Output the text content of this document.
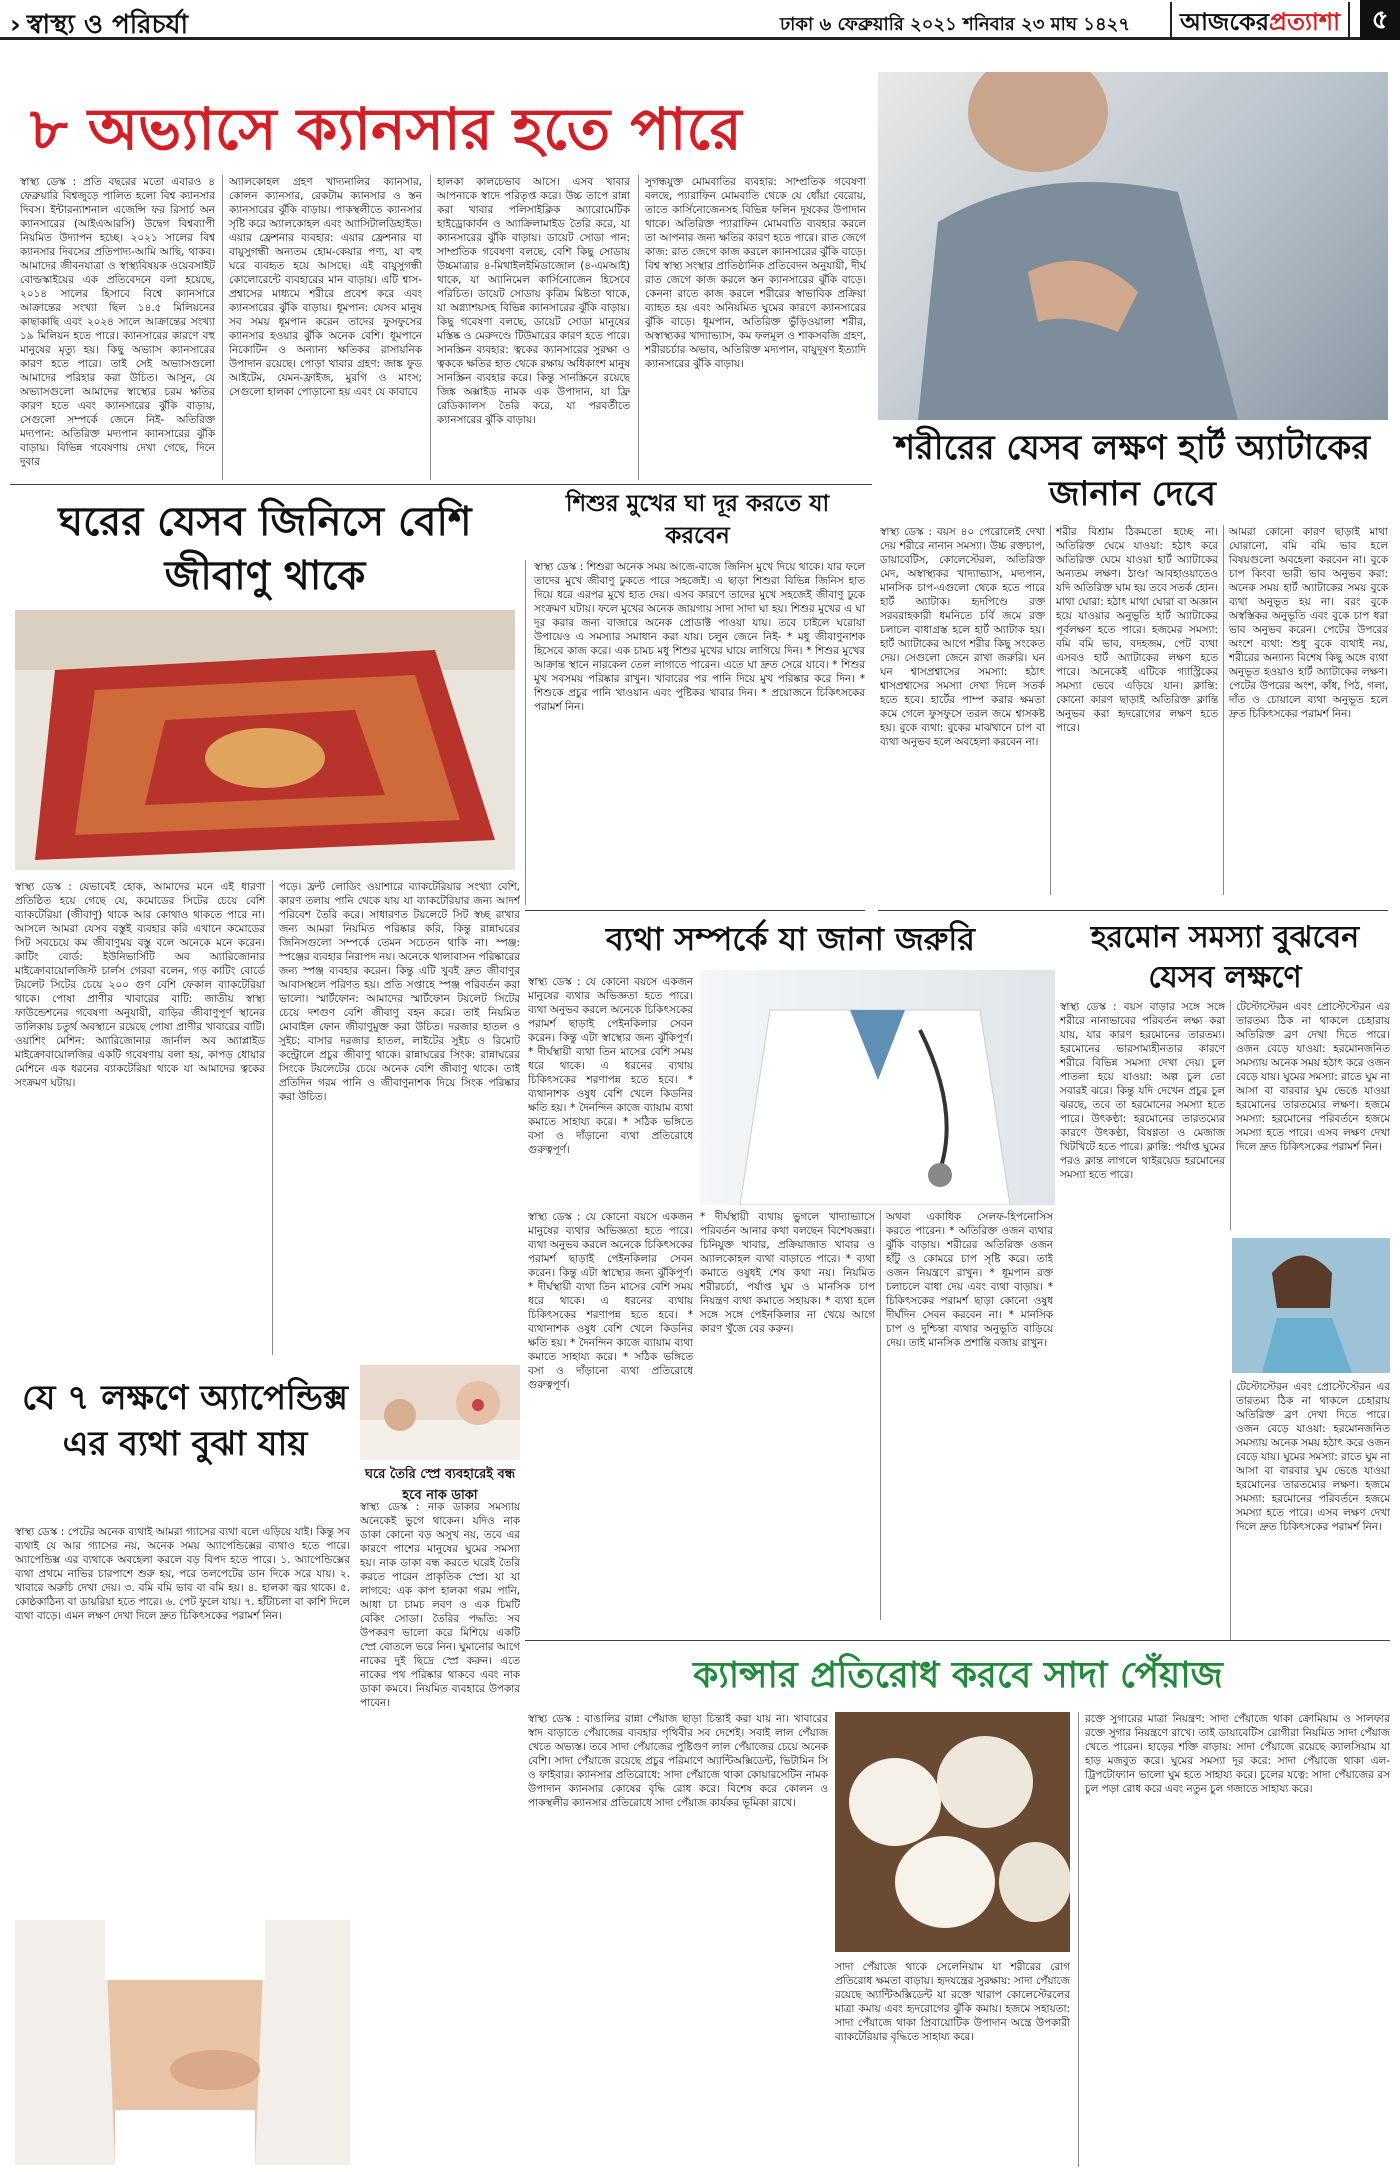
› স্বাস্থ্য ও পরিচর্যা	ঢাকা ৬ ফেব্রুয়ারি ২০২১ শনিবার ২৩ মাঘ ১৪২৭	আজকেরপ্রত্যাশা	৫
৮ অভ্যাসে ক্যানসার হতে পারে
স্বাস্থ্য ডেস্ক : প্রতি বছরের মতো এবারও ৪ ফেব্রুয়ারি বিশ্বজুড়ে পালিত হলো বিশ্ব ক্যানসার দিবস। ইন্টারন্যাশনাল এজেন্সি ফর রিসার্চ অন ক্যানসারের (আইএআরসি) উদ্বেগ বিশ্বব্যাপী নিয়মিত উদ্যাপন হচ্ছে। ২০২১ সালের বিশ্ব ক্যানসার দিবসের প্রতিপাদ্য-আমি আছি, থাকব। আমাদের জীবনযাত্রা ও স্বাস্থ্যবিষয়ক ওয়েবসাইট বোল্ডস্কাইয়ের এক প্রতিবেদনে বলা হয়েছে, ২০১৪ সালের হিসাবে বিশ্বে ক্যানসারে আক্রান্তের সংখ্যা ছিল ১৪.৫ মিলিয়নের কাছাকাছি এবং ২০২৪ সালে আক্রান্তের সংখ্যা ১৯ মিলিয়ন হতে পারে। ক্যানসারের কারণে বহু মানুষের মৃত্যু হয়। কিছু অভ্যাস ক্যানসারের কারণ হতে পারে। তাই সেই অভ্যাসগুলো আমাদের পরিহার করা উচিত। আসুন, যে অভ্যাসগুলো আমাদের স্বাস্থ্যের চরম ক্ষতির কারণ হতে এবং ক্যানসারের ঝুঁকি বাড়ায়, সেগুলো সম্পর্কে জেনে নিই- অতিরিক্ত মদ্যপান: অতিরিক্ত মদ্যপান ক্যানসারের ঝুঁকি বাড়ায়। বিভিন্ন গবেষণায় দেখা গেছে, দিনে দুবার
অ্যালকোহল গ্রহণ খাদ্যনালির ক্যানসার, কোলন ক্যানসার, রেকটাম ক্যানসার ও স্তন ক্যানসারের ঝুঁকি বাড়ায়। পাকস্থলীতে ক্যানসার সৃষ্টি করে অ্যালকোহল এবং অ্যাসিটালডিহাইড। এয়ার ফ্রেশনার ব্যবহার: এয়ার ফ্রেশনার বা বায়ুসুগন্ধী অন্যতম হোম-কেয়ার পণ্য, যা বহু ঘরে ব্যবহৃত হয়ে আসছে। এই বায়ুসুগন্ধী কোলোরেন্টে ব্যবহারের মান বাড়ায়। এটি শ্বাস-প্রশ্বাসের মাধ্যমে শরীরে প্রবেশ করে এবং ক্যানসারের ঝুঁকি বাড়ায়। ধূমপান: যেসব মানুষ সব সময় ধূমপান করেন তাদের ফুসফুসের ক্যানসার হওয়ার ঝুঁকি অনেক বেশি। ধূমপানে নিকোটিন ও অন্যান্য ক্ষতিকর রাসায়নিক উপাদান রয়েছে। পোড়া খাবার গ্রহণ: জাঙ্ক ফুড আইটেম, যেমন-ফ্রাইজ, মুরগি ও মাংস; সেগুলো হালকা পোড়ানো হয় এবং যে কাবাবে
হালকা কালচেভাব আসে। এসব খাবার আপনাকে স্বাদে পরিতৃপ্ত করে। উচ্চ তাপে রান্না করা খাবার পলিসাইক্লিক অ্যারোমেটিক হাইড্রোকার্বন ও অ্যাক্রিলামাইড তৈরি করে, যা ক্যানসারের ঝুঁকি বাড়ায়। ডায়েট সোডা পান: সাম্প্রতিক গবেষণা বলছে, বেশি কিছু সোডায় উচ্চমাত্রার ৪-মিথাইলইমিডাজোল (৪-এমআই) থাকে, যা অ্যানিমেল কার্সিনোজেন হিসেবে পরিচিত। ডায়েট সোডায় কৃত্রিম মিষ্টতা থাকে, যা অগ্ন্যাশয়সহ বিভিন্ন ক্যানসারের ঝুঁকি বাড়ায়। কিছু গবেষণা বলছে, ডায়েট সোডা মানুষের মস্তিষ্ক ও মেরুদণ্ডে টিউমারের কারণ হতে পারে। সানস্ক্রিন ব্যবহার: ত্বকের ক্যানসারের সুরক্ষা ও ত্বককে ক্ষতির হাত থেকে রক্ষায় অধিকাংশ মানুষ সানস্ক্রিন ব্যবহার করে। কিন্তু সানস্ক্রিনে রয়েছে জিঙ্ক অক্সাইড নামক এক উপাদান, যা ফ্রি রেডিক্যালস তৈরি করে, যা পরবর্তীতে ক্যানসারের ঝুঁকি বাড়ায়।
সুগন্ধযুক্ত মোমবাতির ব্যবহার: সাম্প্রতিক গবেষণা বলছে, প্যারাফিন মোমবাতি থেকে যে ধোঁয়া বেরোয়, তাতে কার্সিনোজেনসহ বিভিন্ন ফলিন দূষকের উপাদান থাকে। অতিরিক্ত প্যারাফিন মোমবাতি ব্যবহার করলে তা আপনার জন্য ক্ষতির কারণ হতে পারে। রাত জেগে কাজ: রাত জেগে কাজ করলে ক্যানসারের ঝুঁকি বাড়ে। বিশ্ব স্বাস্থ্য সংস্থার প্রাতিষ্ঠানিক প্রতিবেদন অনুযায়ী, দীর্ঘ রাত জেগে কাজ করলে স্তন ক্যানসারের ঝুঁকি বাড়ে। কেননা রাতে কাজ করলে শরীরের স্বাভাবিক প্রক্রিয়া ব্যাহত হয় এবং অনিয়মিত ঘুমের কারণে ক্যানসারের ঝুঁকি বাড়ে। ধূমপান, অতিরিক্ত ভুঁড়িওয়ালা শরীর, অস্বাস্থ্যকর খাদ্যাভ্যাস, কম ফলমূল ও শাকসবজি গ্রহণ, শরীরচর্চার অভাব, অতিরিক্ত মদ্যপান, বায়ুদূষণ ইত্যাদি ক্যানসারের ঝুঁকি বাড়ায়।
শরীরের যেসব লক্ষণ হার্ট অ্যাটাকের জানান দেবে
ঘরের যেসব জিনিসে বেশি জীবাণু থাকে
শিশুর মুখের ঘা দূর করতে যা করবেন
স্বাস্থ্য ডেস্ক : শিশুরা অনেক সময় আজে-বাজে জিনিস মুখে দিয়ে থাকে। যার ফলে তাদের মুখে জীবাণু ঢুকতে পারে সহজেই। এ ছাড়া শিশুরা বিভিন্ন জিনিস হাত দিয়ে ধরে এরপর মুখে হাত দেয়। এসব কারণে তাদের মুখে সহজেই জীবাণু ঢুকে সংক্রমণ ঘটায়। ফলে মুখের অনেক জায়গায় সাদা সাদা ঘা হয়। শিশুর মুখের এ ঘা দূর করার জন্য বাজারে অনেক প্রোডাক্ট পাওয়া যায়। তবে চাইলে ঘরোয়া উপায়েও এ সমস্যার সমাধান করা যায়। চলুন জেনে নিই- * মধু জীবাণুনাশক হিসেবে কাজ করে। এক চামচ মধু শিশুর মুখের ঘায়ে লাগিয়ে দিন। * শিশুর মুখের আক্রান্ত স্থানে নারকেল তেল লাগাতে পারেন। এতে ঘা দ্রুত সেরে যাবে। * শিশুর মুখ সবসময় পরিষ্কার রাখুন। খাবারের পর পানি দিয়ে মুখ পরিষ্কার করে দিন। * শিশুকে প্রচুর পানি খাওয়ান এবং পুষ্টিকর খাবার দিন। * প্রয়োজনে চিকিৎসকের পরামর্শ নিন।
স্বাস্থ্য ডেস্ক : বয়স ৪০ পেরোলেই দেখা দেয় শরীরে নানান সমস্যা। উচ্চ রক্তচাপ, ডায়াবেটিস, কোলেস্টেরল, অতিরিক্ত মেদ, অস্বাস্থ্যকর খাদ্যাভ্যাস, মদ্যপান, মানসিক চাপ-এগুলো থেকে হতে পারে হার্ট অ্যাটাক। হৃদপিণ্ডে রক্ত সরবরাহকারী ধমনিতে চর্বি জমে রক্ত চলাচল বাধাগ্রস্ত হলে হার্ট অ্যাটাক হয়। হার্ট অ্যাটাকের আগে শরীর কিছু সংকেত দেয়। সেগুলো জেনে রাখা জরুরি। ঘন ঘন শ্বাসপ্রশ্বাসের সমস্যা: হঠাৎ শ্বাসপ্রশ্বাসের সমস্যা দেখা দিলে সতর্ক হতে হবে। হার্টের পাম্প করার ক্ষমতা কমে গেলে ফুসফুসে তরল জমে শ্বাসকষ্ট হয়। বুকে ব্যথা: বুকের মাঝখানে চাপ বা ব্যথা অনুভব হলে অবহেলা করবেন না।
শরীর বিশ্রাম ঠিকমতো হচ্ছে না। অতিরিক্ত ঘেমে যাওয়া: হঠাৎ করে অতিরিক্ত ঘেমে যাওয়া হার্ট অ্যাটাকের অন্যতম লক্ষণ। ঠাণ্ডা আবহাওয়াতেও যদি অতিরিক্ত ঘাম হয় তবে সতর্ক হোন। মাথা ঘোরা: হঠাৎ মাথা ঘোরা বা অজ্ঞান হয়ে যাওয়ার অনুভূতি হার্ট অ্যাটাকের পূর্বলক্ষণ হতে পারে। হজমের সমস্যা: বমি বমি ভাব, বদহজম, পেট ব্যথা এসবও হার্ট অ্যাটাকের লক্ষণ হতে পারে। অনেকেই এটিকে গ্যাস্ট্রিকের সমস্যা ভেবে এড়িয়ে যান। ক্লান্তি: কোনো কারণ ছাড়াই অতিরিক্ত ক্লান্তি অনুভব করা হৃদরোগের লক্ষণ হতে পারে।
আমরা কোনো কারণ ছাড়াই মাথা ঘোরানো, বমি বমি ভাব হলে বিষয়গুলো অবহেলা করবেন না। বুকে চাপ কিংবা ভারী ভাব অনুভব করা: অনেক সময় হার্ট অ্যাটাকের সময় বুকে ব্যথা অনুভূত হয় না। বরং বুকে অস্বস্তিকর অনুভূতি এবং বুকে চাপ ধরা ভাব অনুভব করেন। পেটের উপরের অংশে ব্যথা: শুধু বুকে ব্যথাই নয়, শরীরের অন্যান্য বিশেষ কিছু অঙ্গে ব্যথা অনুভূত হওয়াও হার্ট অ্যাটাকের লক্ষণ। পেটের উপরের অংশ, কাঁধ, পিঠ, গলা, দাঁত ও চোয়ালে ব্যথা অনুভূত হলে দ্রুত চিকিৎসকের পরামর্শ নিন।
স্বাস্থ্য ডেস্ক : যেভাবেই হোক, আমাদের মনে এই ধারণা প্রতিষ্ঠিত হয়ে গেছে যে, কমোডের সিটের চেয়ে বেশি ব্যাকটেরিয়া (জীবাণু) থাকে আর কোথাও থাকতে পারে না। আসলে আমরা যেসব বস্তুই ব্যবহার করি এখানে কমোডের সিট সবচেয়ে কম জীবাণুময় বস্তু বলে অনেকে মনে করেন। কাটিং বোর্ড: ইউনিভার্সিটি অব অ্যারিজোনার মাইক্রোবায়োলজিস্ট চার্লস গেরবা বলেন, গড় কাটিং বোর্ডে টয়লেট সিটের চেয়ে ২০০ গুণ বেশি ফেকাল ব্যাকটেরিয়া থাকে। পোষা প্রাণীর খাবারের বাটি: জাতীয় স্বাস্থ্য ফাউন্ডেশনের গবেষণা অনুযায়ী, বাড়ির জীবাণুপূর্ণ স্থানের তালিকায় চতুর্থ অবস্থানে রয়েছে পোষা প্রাণীর খাবারের বাটি। ওয়াশিং মেশিন: অ্যারিজোনার জার্নাল অব অ্যাপ্লাইড মাইক্রোবায়োলজির একটি গবেষণায় বলা হয়, কাপড় ধোয়ার মেশিনে এক ধরনের ব্যাকটেরিয়া থাকে যা আমাদের ত্বকের সংক্রমণ ঘটায়।
পড়ে। ফ্রন্ট লোডিং ওয়াশারে ব্যাকটেরিয়ার সংখ্যা বেশি, কারণ তলায় পানি থেকে যায় যা ব্যাকটেরিয়ার জন্য আদর্শ পরিবেশ তৈরি করে। সাধারণত টয়লেটে সিট স্বচ্ছ রাখার জন্য আমরা নিয়মিত পরিষ্কার করি, কিন্তু রান্নাঘরের জিনিসগুলো সম্পর্কে তেমন সচেতন থাকি না। স্পঞ্জ: স্পঞ্জের ব্যবহার নিরাপদ নয়। অনেকে থালাবাসন পরিষ্কারের জন্য স্পঞ্জ ব্যবহার করেন। কিন্তু এটি খুবই দ্রুত জীবাণুর আবাসস্থলে পরিণত হয়। প্রতি সপ্তাহে স্পঞ্জ পরিবর্তন করা ভালো। স্মার্টফোন: আমাদের স্মার্টফোন টয়লেট সিটের চেয়ে দশগুণ বেশি জীবাণু বহন করে। তাই নিয়মিত মোবাইল ফোন জীবাণুমুক্ত করা উচিত। দরজার হাতল ও সুইচ: বাসার দরজার হাতল, লাইটের সুইচ ও রিমোট কন্ট্রোলে প্রচুর জীবাণু থাকে। রান্নাঘরের সিংক: রান্নাঘরের সিংকে টয়লেটের চেয়ে অনেক বেশি জীবাণু থাকে। তাই প্রতিদিন গরম পানি ও জীবাণুনাশক দিয়ে সিংক পরিষ্কার করা উচিত।
ব্যথা সম্পর্কে যা জানা জরুরি	হরমোন সমস্যা বুঝবেন যেসব লক্ষণে
স্বাস্থ্য ডেস্ক : যে কোনো বয়সে একজন মানুষের ব্যথার অভিজ্ঞতা হতে পারে। ব্যথা অনুভব করলে অনেকে চিকিৎসকের পরামর্শ ছাড়াই পেইনকিলার সেবন করেন। কিন্তু এটা স্বাস্থ্যের জন্য ঝুঁকিপূর্ণ। * দীর্ঘস্থায়ী ব্যথা তিন মাসের বেশি সময় ধরে থাকে। এ ধরনের ব্যথায় চিকিৎসকের শরণাপন্ন হতে হবে। * ব্যথানাশক ওষুধ বেশি খেলে কিডনির ক্ষতি হয়। * দৈনন্দিন কাজে ব্যায়াম ব্যথা কমাতে সাহায্য করে। * সঠিক ভঙ্গিতে বসা ও দাঁড়ানো ব্যথা প্রতিরোধে গুরুত্বপূর্ণ।
স্বাস্থ্য ডেস্ক : বয়স বাড়ার সঙ্গে সঙ্গে শরীরে নানাভাবের পরিবর্তন লক্ষ্য করা যায়, যার কারণ হরমোনের তারতম্য। হরমোনের ভারসাম্যহীনতার কারণে শরীরে বিভিন্ন সমস্যা দেখা দেয়। চুল পাতলা হয়ে যাওয়া: অল্প চুল তো সবারই ঝরে। কিন্তু যদি দেখেন প্রচুর চুল ঝরছে, তবে তা হরমোনের সমস্যা হতে পারে। উৎকণ্ঠা: হরমোনের তারতম্যের কারণে উৎকণ্ঠা, বিষণ্ণতা ও মেজাজ খিটখিটে হতে পারে। ক্লান্তি: পর্যাপ্ত ঘুমের পরও ক্লান্ত লাগলে থাইরয়েড হরমোনের সমস্যা হতে পারে।
টেস্টোস্টেরন এবং প্রোস্টেস্টেরন এর তারতম্য ঠিক না থাকলে চেহারায় অতিরিক্ত ব্রণ দেখা দিতে পারে। ওজন বেড়ে যাওয়া: হরমোনজনিত সমস্যায় অনেক সময় হঠাৎ করে ওজন বেড়ে যায়। ঘুমের সমস্যা: রাতে ঘুম না আসা বা বারবার ঘুম ভেঙে যাওয়া হরমোনের তারতম্যের লক্ষণ। হজমে সমস্যা: হরমোনের পরিবর্তনে হজমে সমস্যা হতে পারে। এসব লক্ষণ দেখা দিলে দ্রুত চিকিৎসকের পরামর্শ নিন।
* দীর্ঘস্থায়ী ব্যথায় ভুগলে খাদ্যাভ্যাসে পরিবর্তন আনার কথা বলছেন বিশেষজ্ঞরা। চিনিযুক্ত খাবার, প্রক্রিয়াজাত খাবার ও অ্যালকোহল ব্যথা বাড়াতে পারে। * ব্যথা কমাতে ওষুধই শেষ কথা নয়। নিয়মিত শরীরচর্চা, পর্যাপ্ত ঘুম ও মানসিক চাপ নিয়ন্ত্রণ ব্যথা কমাতে সহায়ক। * ব্যথা হলে সঙ্গে সঙ্গে পেইনকিলার না খেয়ে আগে কারণ খুঁজে বের করুন।
অথবা একাধিক সেলফ-হিপনোসিস করতে পারেন। * অতিরিক্ত ওজন ব্যথার ঝুঁকি বাড়ায়। শরীরের অতিরিক্ত ওজন হাঁটু ও কোমরে চাপ সৃষ্টি করে। তাই ওজন নিয়ন্ত্রণে রাখুন। * ধূমপান রক্ত চলাচলে বাধা দেয় এবং ব্যথা বাড়ায়। * চিকিৎসকের পরামর্শ ছাড়া কোনো ওষুধ দীর্ঘদিন সেবন করবেন না। * মানসিক চাপ ও দুশ্চিন্তা ব্যথার অনুভূতি বাড়িয়ে দেয়। তাই মানসিক প্রশান্তি বজায় রাখুন।
স্বাস্থ্য ডেস্ক : যে কোনো বয়সে একজন মানুষের ব্যথার অভিজ্ঞতা হতে পারে। ব্যথা অনুভব করলে অনেকে চিকিৎসকের পরামর্শ ছাড়াই পেইনকিলার সেবন করেন। কিন্তু এটা স্বাস্থ্যের জন্য ঝুঁকিপূর্ণ। * দীর্ঘস্থায়ী ব্যথা তিন মাসের বেশি সময় ধরে থাকে। এ ধরনের ব্যথায় চিকিৎসকের শরণাপন্ন হতে হবে। * ব্যথানাশক ওষুধ বেশি খেলে কিডনির ক্ষতি হয়। * দৈনন্দিন কাজে ব্যায়াম ব্যথা কমাতে সাহায্য করে। * সঠিক ভঙ্গিতে বসা ও দাঁড়ানো ব্যথা প্রতিরোধে গুরুত্বপূর্ণ।	টেস্টোস্টেরন এবং প্রোস্টেস্টেরন এর তারতম্য ঠিক না থাকলে চেহারায় অতিরিক্ত ব্রণ দেখা দিতে পারে। ওজন বেড়ে যাওয়া: হরমোনজনিত সমস্যায় অনেক সময় হঠাৎ করে ওজন বেড়ে যায়। ঘুমের সমস্যা: রাতে ঘুম না আসা বা বারবার ঘুম ভেঙে যাওয়া হরমোনের তারতম্যের লক্ষণ। হজমে সমস্যা: হরমোনের পরিবর্তনে হজমে সমস্যা হতে পারে। এসব লক্ষণ দেখা দিলে দ্রুত চিকিৎসকের পরামর্শ নিন।
যে ৭ লক্ষণে অ্যাপেন্ডিক্স এর ব্যথা বুঝা যায়
ঘরে তৈরি স্প্রে ব্যবহারেই বন্ধ হবে নাক ডাকা
স্বাস্থ্য ডেস্ক : নাক ডাকার সমস্যায় অনেকেই ভুগে থাকেন। যদিও নাক ডাকা কোনো বড় অসুখ নয়, তবে এর কারণে পাশের মানুষের ঘুমের সমস্যা হয়। নাক ডাকা বন্ধ করতে ঘরেই তৈরি করতে পারেন প্রাকৃতিক স্প্রে। যা যা লাগবে: এক কাপ হালকা গরম পানি, আধা চা চামচ লবণ ও এক চিমটি বেকিং সোডা। তৈরির পদ্ধতি: সব উপকরণ ভালো করে মিশিয়ে একটি স্প্রে বোতলে ভরে নিন। ঘুমানোর আগে নাকের দুই ছিদ্রে স্প্রে করুন। এতে নাকের পথ পরিষ্কার থাকবে এবং নাক ডাকা কমবে। নিয়মিত ব্যবহারে উপকার পাবেন।
স্বাস্থ্য ডেস্ক : পেটের অনেক ব্যথাই আমরা গ্যাসের ব্যথা বলে এড়িয়ে যাই। কিন্তু সব ব্যথাই যে আর গ্যাসের নয়, অনেক সময় অ্যাপেন্ডিক্সের ব্যথাও হতে পারে। অ্যাপেন্ডিক্স এর ব্যথাকে অবহেলা করলে বড় বিপদ হতে পারে। ১. অ্যাপেন্ডিক্সের ব্যথা প্রথমে নাভির চারপাশে শুরু হয়, পরে তলপেটের ডান দিকে সরে যায়। ২. খাবারে অরুচি দেখা দেয়। ৩. বমি বমি ভাব বা বমি হয়। ৪. হালকা জ্বর থাকে। ৫. কোষ্ঠকাঠিন্য বা ডায়রিয়া হতে পারে। ৬. পেট ফুলে যায়। ৭. হাঁটাচলা বা কাশি দিলে ব্যথা বাড়ে। এমন লক্ষণ দেখা দিলে দ্রুত চিকিৎসকের পরামর্শ নিন।
ক্যান্সার প্রতিরোধ করবে সাদা পেঁয়াজ
স্বাস্থ্য ডেস্ক : বাঙালির রান্না পেঁয়াজ ছাড়া চিন্তাই করা যায় না। খাবারের স্বাদ বাড়াতে পেঁয়াজের ব্যবহার পৃথিবীর সব দেশেই। সবাই লাল পেঁয়াজ খেতে অভ্যস্ত। তবে সাদা পেঁয়াজের পুষ্টিগুণ লাল পেঁয়াজের চেয়ে অনেক বেশি। সাদা পেঁয়াজে রয়েছে প্রচুর পরিমাণে অ্যান্টিঅক্সিডেন্ট, ভিটামিন সি ও ফাইবার। ক্যানসার প্রতিরোধে: সাদা পেঁয়াজে থাকা কোয়ারসেটিন নামক উপাদান ক্যানসার কোষের বৃদ্ধি রোধ করে। বিশেষ করে কোলন ও পাকস্থলীর ক্যানসার প্রতিরোধে সাদা পেঁয়াজ কার্যকর ভূমিকা রাখে।
সাদা পেঁয়াজে থাকে সেলেনিয়াম যা শরীরের রোগ প্রতিরোধ ক্ষমতা বাড়ায়। হৃদযন্ত্রের সুরক্ষায়: সাদা পেঁয়াজে রয়েছে অ্যান্টিঅক্সিডেন্ট যা রক্তে খারাপ কোলেস্টেরলের মাত্রা কমায় এবং হৃদরোগের ঝুঁকি কমায়। হজমে সহায়তা: সাদা পেঁয়াজে থাকা প্রিবায়োটিক উপাদান অন্ত্রে উপকারী ব্যাকটেরিয়ার বৃদ্ধিতে সাহায্য করে।
রক্তে সুগারের মাত্রা নিয়ন্ত্রণ: সাদা পেঁয়াজে থাকা ক্রোমিয়াম ও সালফার রক্তে সুগার নিয়ন্ত্রণে রাখে। তাই ডায়াবেটিস রোগীরা নিয়মিত সাদা পেঁয়াজ খেতে পারেন। হাড়ের শক্তি বাড়ায়: সাদা পেঁয়াজে রয়েছে ক্যালসিয়াম যা হাড় মজবুত করে। ঘুমের সমস্যা দূর করে: সাদা পেঁয়াজে থাকা এল-ট্রিপটোফ্যান ভালো ঘুম হতে সাহায্য করে। চুলের যত্নে: সাদা পেঁয়াজের রস চুল পড়া রোধ করে এবং নতুন চুল গজাতে সাহায্য করে।
